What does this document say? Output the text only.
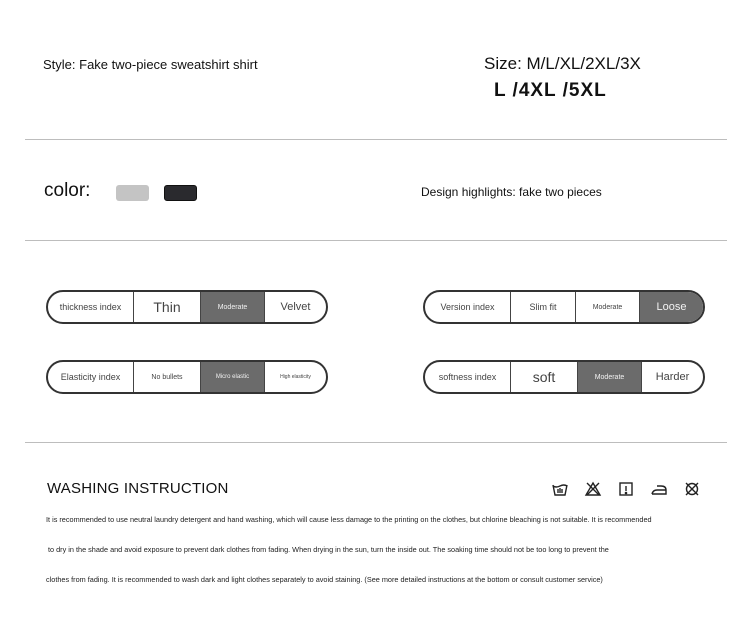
Style: Fake two-piece sweatshirt shirt	Size: M/L/XL/2XL/3X
L /4XL /5XL
color:	Design highlights: fake two pieces
thickness index	Thin	Moderate	Velvet	Version index	Slim fit	Moderate	Loose
Elasticity index	No bullets	Micro elastic	High elasticity	softness index	soft	Moderate	Harder
WASHING INSTRUCTION
It is recommended to use neutral laundry detergent and hand washing, which will cause less damage to the printing on the clothes, but chlorine bleaching is not suitable. It is recommended
to dry in the shade and avoid exposure to prevent dark clothes from fading. When drying in the sun, turn the inside out. The soaking time should not be too long to prevent the
clothes from fading. It is recommended to wash dark and light clothes separately to avoid staining. (See more detailed instructions at the bottom or consult customer service)
